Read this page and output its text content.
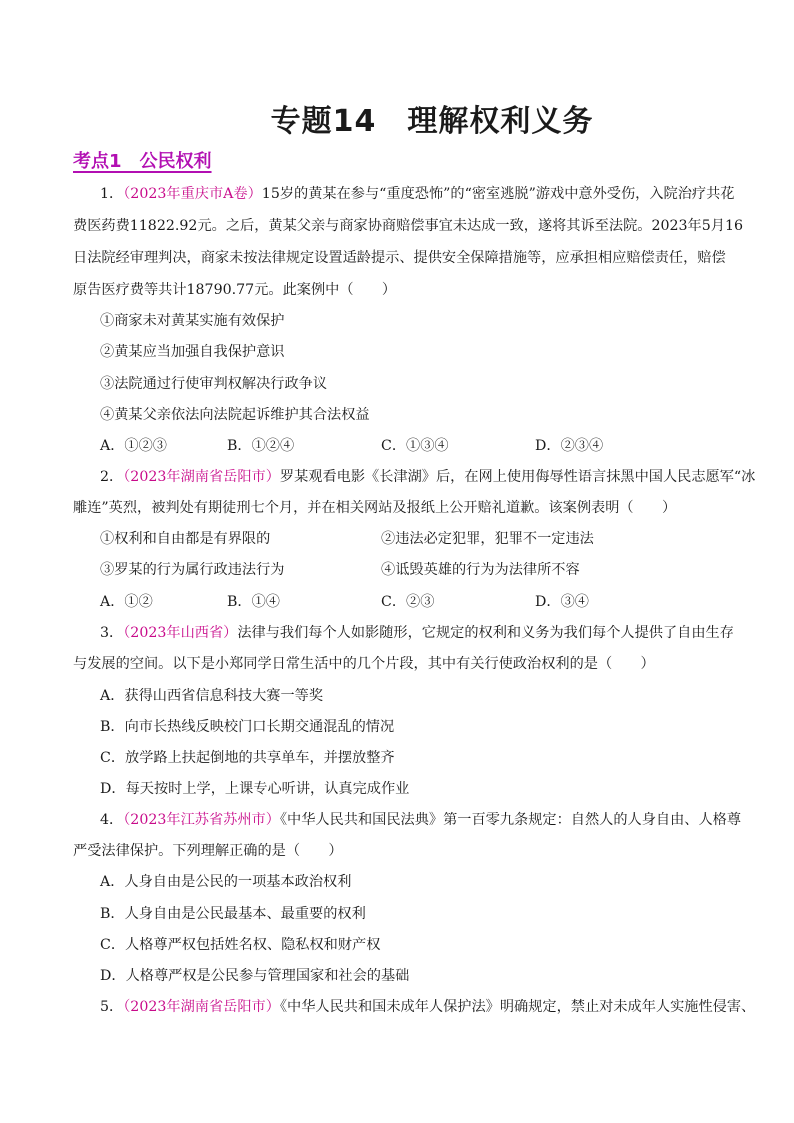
专题14　理解权利义务
考点1　公民权利
1．（2023年重庆市A卷）15岁的黄某在参与“重度恐怖”的“密室逃脱”游戏中意外受伤，入院治疗共花
费医药费11822.92元。之后，黄某父亲与商家协商赔偿事宜未达成一致，遂将其诉至法院。2023年5月16
日法院经审理判决，商家未按法律规定设置适龄提示、提供安全保障措施等，应承担相应赔偿责任，赔偿
原告医疗费等共计18790.77元。此案例中（　　）
①商家未对黄某实施有效保护
②黄某应当加强自我保护意识
③法院通过行使审判权解决行政争议
④黄某父亲依法向法院起诉维护其合法权益
A．①②③	B．①②④	C．①③④	D．②③④
2．（2023年湖南省岳阳市）罗某观看电影《长津湖》后，在网上使用侮辱性语言抹黑中国人民志愿军“冰
雕连”英烈，被判处有期徒刑七个月，并在相关网站及报纸上公开赔礼道歉。该案例表明（　　）
①权利和自由都是有界限的	②违法必定犯罪，犯罪不一定违法
③罗某的行为属行政违法行为	④诋毁英雄的行为为法律所不容
A．①②	B．①④	C．②③	D．③④
3．（2023年山西省）法律与我们每个人如影随形，它规定的权利和义务为我们每个人提供了自由生存
与发展的空间。以下是小郑同学日常生活中的几个片段，其中有关行使政治权利的是（　　）
A．获得山西省信息科技大赛一等奖
B．向市长热线反映校门口长期交通混乱的情况
C．放学路上扶起倒地的共享单车，并摆放整齐
D．每天按时上学，上课专心听讲，认真完成作业
4．（2023年江苏省苏州市）《中华人民共和国民法典》第一百零九条规定：自然人的人身自由、人格尊
严受法律保护。下列理解正确的是（　　）
A．人身自由是公民的一项基本政治权利
B．人身自由是公民最基本、最重要的权利
C．人格尊严权包括姓名权、隐私权和财产权
D．人格尊严权是公民参与管理国家和社会的基础
5．（2023年湖南省岳阳市）《中华人民共和国未成年人保护法》明确规定，禁止对未成年人实施性侵害、
